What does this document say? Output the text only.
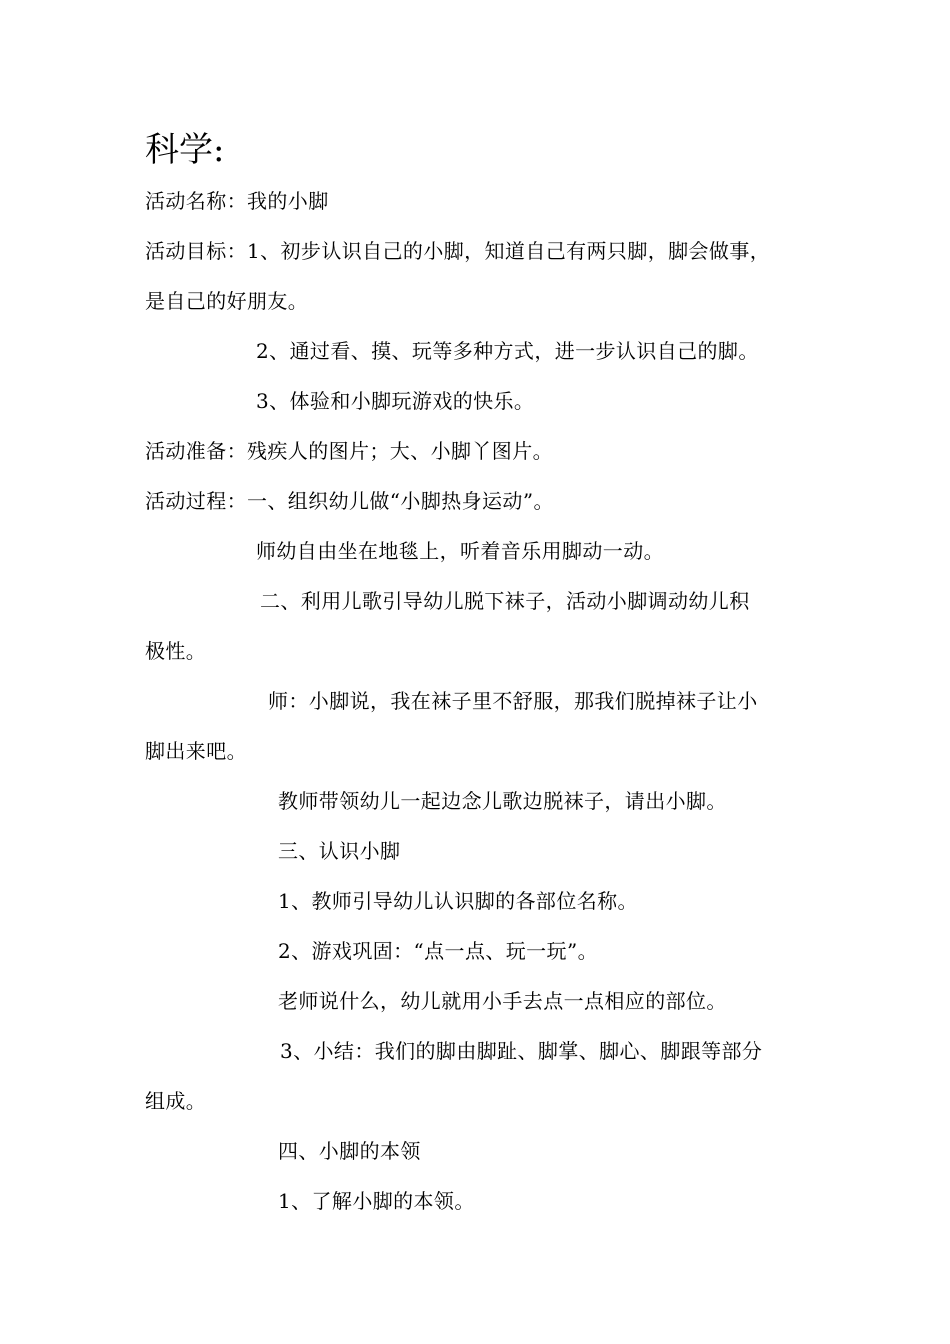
科学:
活动名称：我的小脚
活动目标：1、初步认识自己的小脚，知道自己有两只脚，脚会做事，
是自己的好朋友。
2、通过看、摸、玩等多种方式，进一步认识自己的脚。
3、体验和小脚玩游戏的快乐。
活动准备：残疾人的图片；大、小脚丫图片。
活动过程：一、组织幼儿做“小脚热身运动”。
师幼自由坐在地毯上，听着音乐用脚动一动。
二、利用儿歌引导幼儿脱下袜子，活动小脚调动幼儿积
极性。
师：小脚说，我在袜子里不舒服，那我们脱掉袜子让小
脚出来吧。
教师带领幼儿一起边念儿歌边脱袜子，请出小脚。
三、认识小脚
1、教师引导幼儿认识脚的各部位名称。
2、游戏巩固：“点一点、玩一玩”。
老师说什么，幼儿就用小手去点一点相应的部位。
3、小结：我们的脚由脚趾、脚掌、脚心、脚跟等部分
组成。
四、小脚的本领
1、了解小脚的本领。
